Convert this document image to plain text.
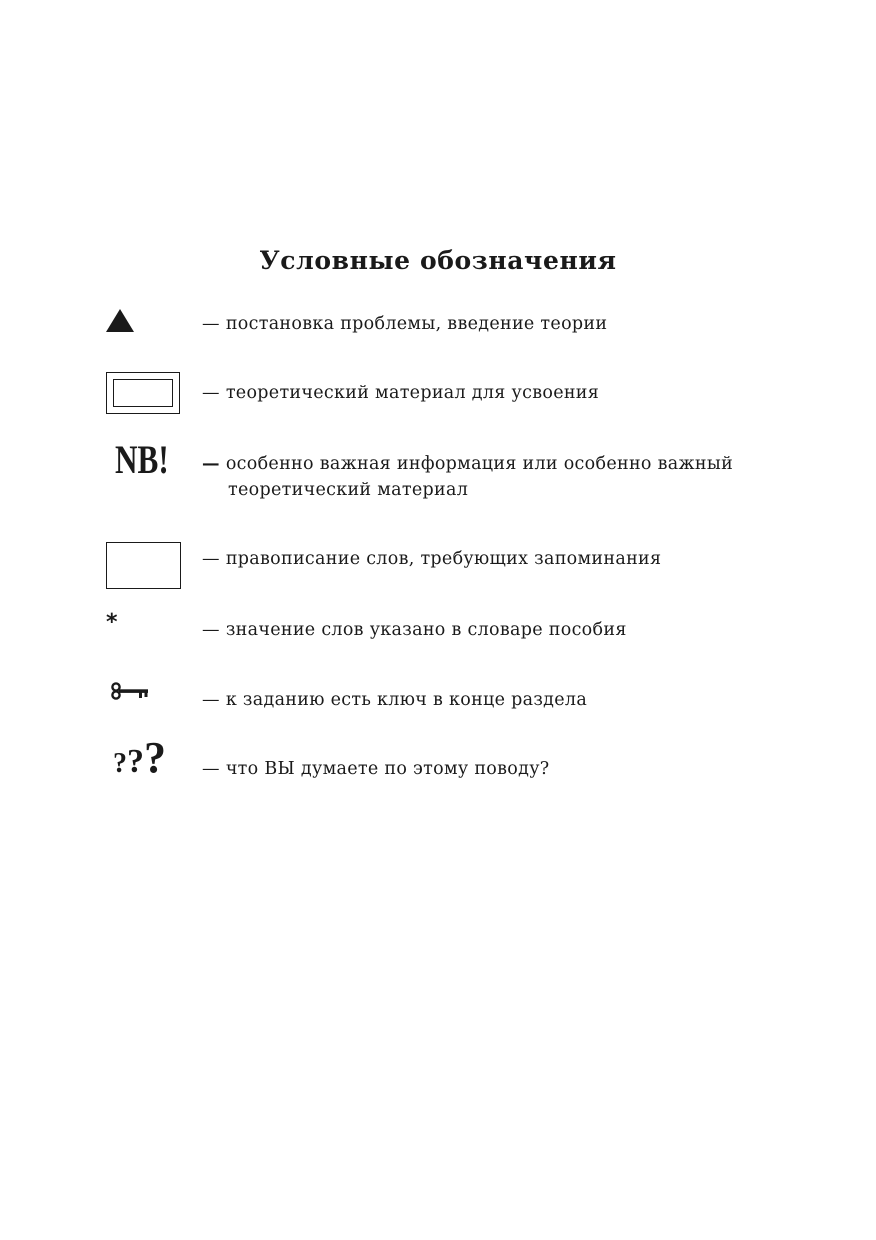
Условные обозначения
— постановка проблемы, введение теории
— теоретический материал для усвоения
NB! — особенно важная информация или особенно важный
теоретический материал
— правописание слов, требующих запоминания
*	— значение слов указано в словаре пособия
— к заданию есть ключ в конце раздела
??? — что ВЫ думаете по этому поводу?
